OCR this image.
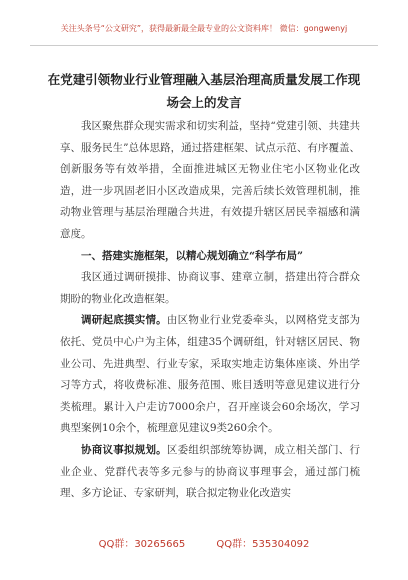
关注头条号“公文研究”，获得最新最全最专业的公文资料库！ 微信：gongwenyj
在党建引领物业行业管理融入基层治理高质量发展工作现
场会上的发言

我区聚焦群众现实需求和切实利益，坚持“党建引领、共建共享、服务民生”总体思路，通过搭建框架、试点示范、有序覆盖、创新服务等有效举措，全面推进城区无物业住宅小区物业化改造，进一步巩固老旧小区改造成果，完善后续长效管理机制，推动物业管理与基层治理融合共进，有效提升辖区居民幸福感和满意度。

一、搭建实施框架，以精心规划确立“科学布局”

我区通过调研摸排、协商议事、建章立制，搭建出符合群众期盼的物业化改造框架。

调研起底摸实情。由区物业行业党委牵头，以网格党支部为依托、党员中心户为主体，组建35个调研组，针对辖区居民、物业公司、先进典型、行业专家，采取实地走访集体座谈、外出学习等方式，将收费标准、服务范围、账目透明等意见建议进行分类梳理。累计入户走访7000余户，召开座谈会60余场次，学习典型案例10余个，梳理意见建议9类260余个。

协商议事拟规划。区委组织部统筹协调，成立相关部门、行业企业、党群代表等多元参与的协商议事理事会，通过部门梳理、多方论证、专家研判，联合拟定物业化改造实

QQ群：30265665	QQ群：535304092
